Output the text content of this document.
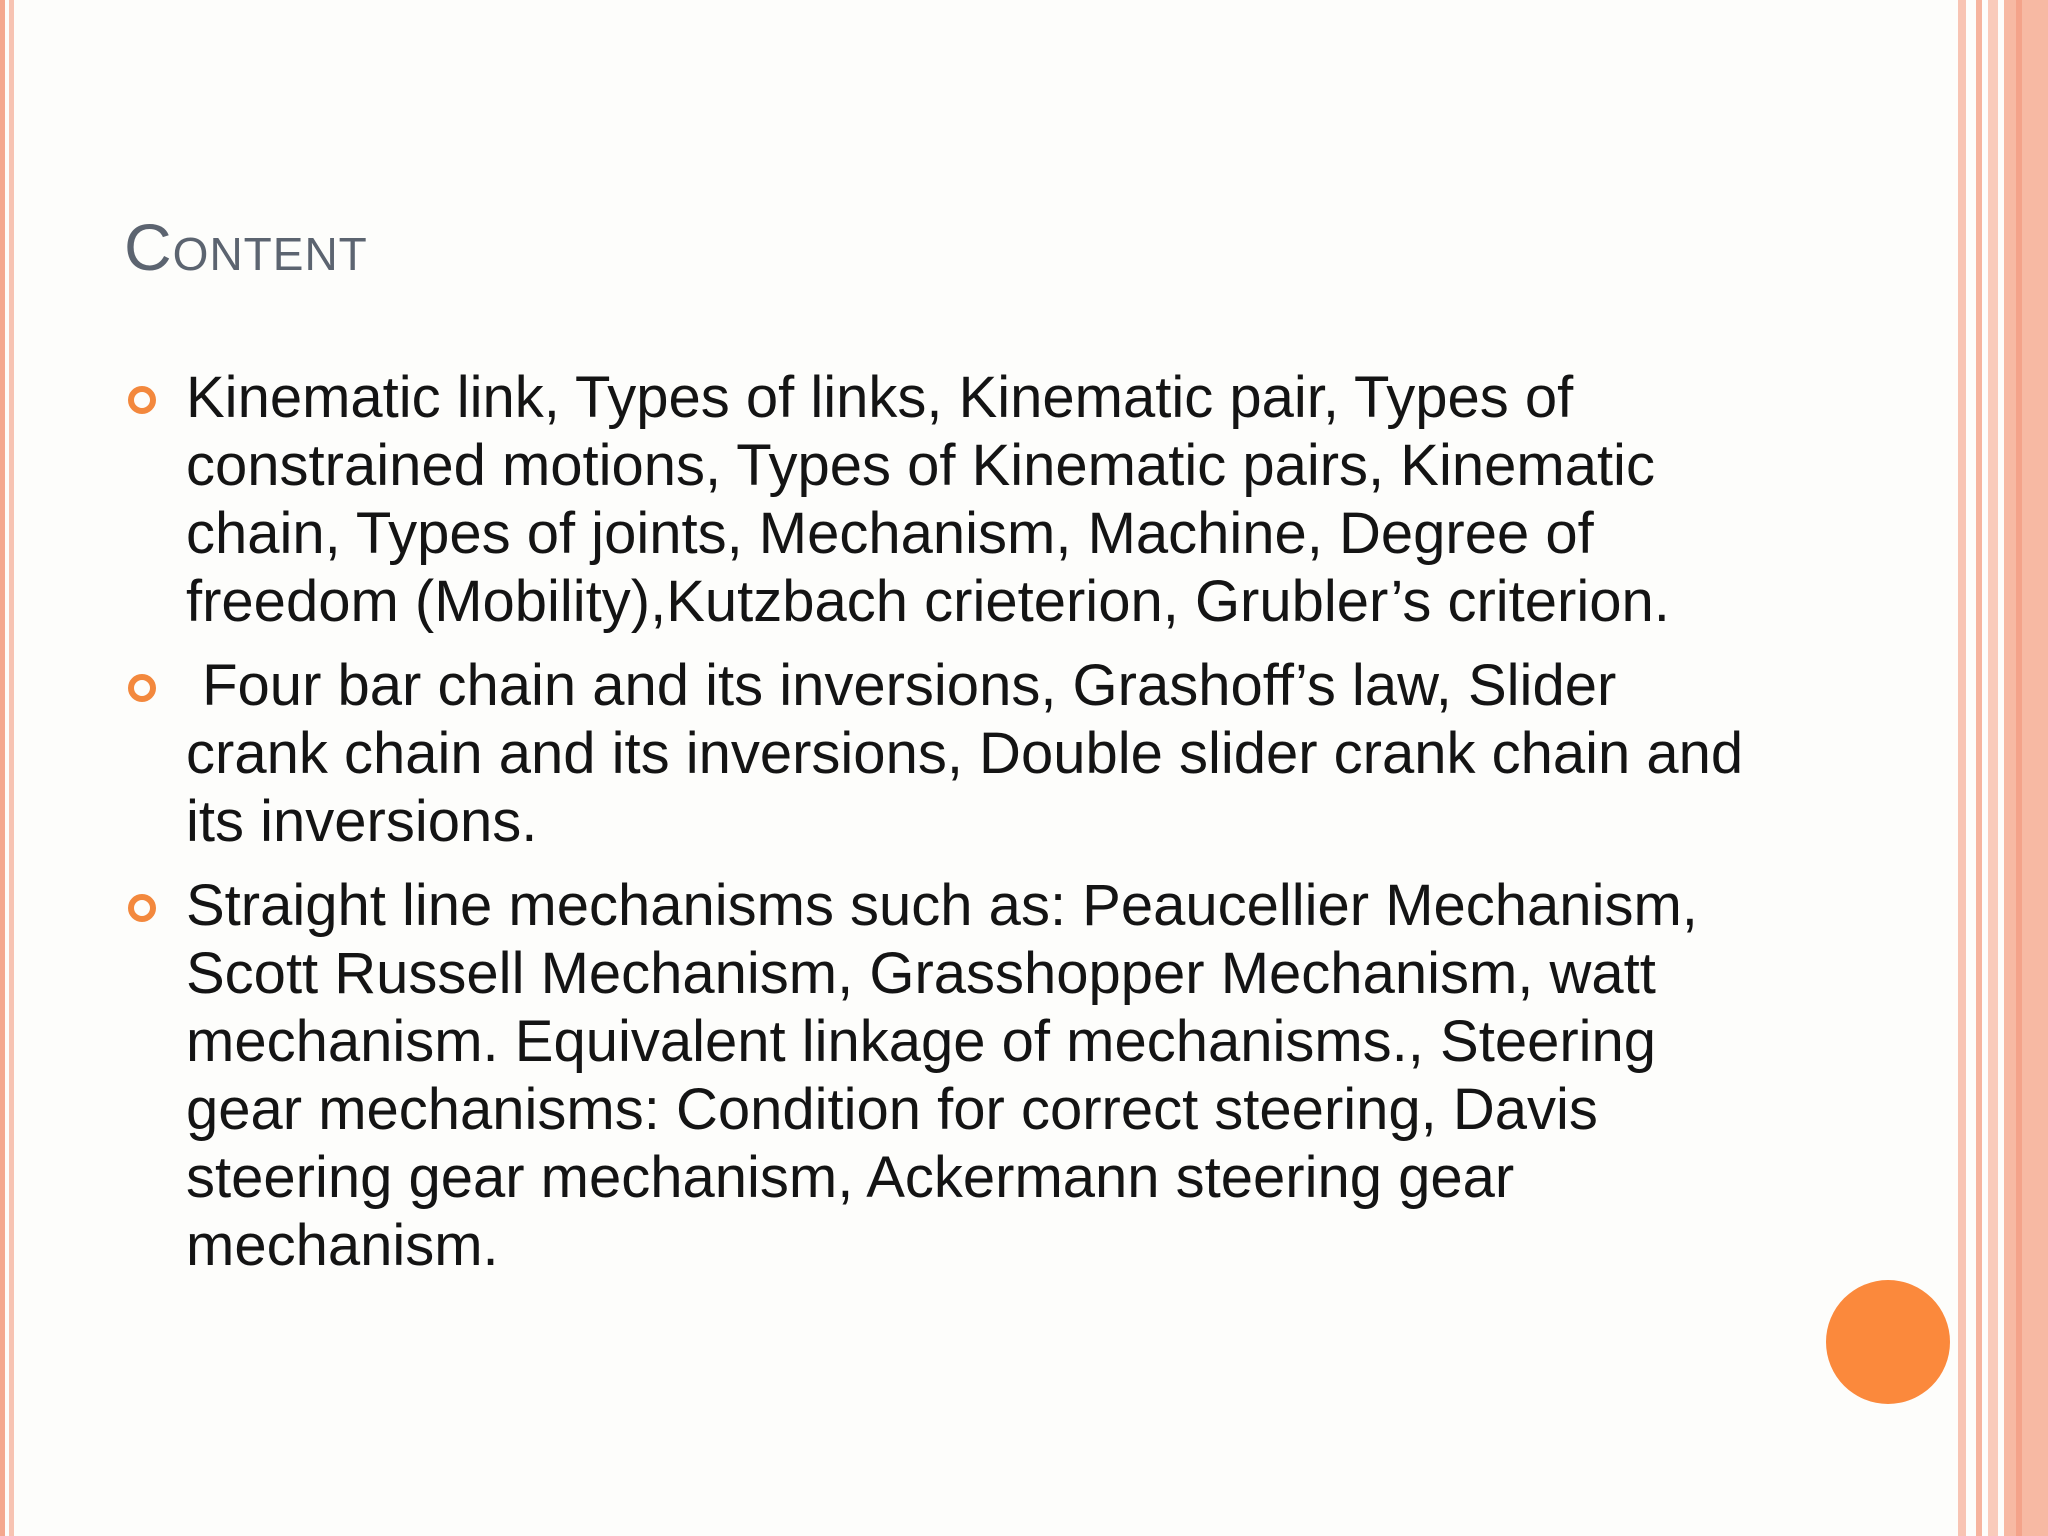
Content
Kinematic link, Types of links, Kinematic pair, Types of constrained motions, Types of Kinematic pairs, Kinematic chain, Types of joints, Mechanism, Machine, Degree of freedom (Mobility),Kutzbach crieterion, Grubler’s criterion.
Four bar chain and its inversions, Grashoff’s law, Slider crank chain and its inversions, Double slider crank chain and its inversions.
Straight line mechanisms such as: Peaucellier Mechanism, Scott Russell Mechanism, Grasshopper Mechanism, watt mechanism. Equivalent linkage of mechanisms., Steering gear mechanisms: Condition for correct steering, Davis steering gear mechanism, Ackermann steering gear mechanism.
